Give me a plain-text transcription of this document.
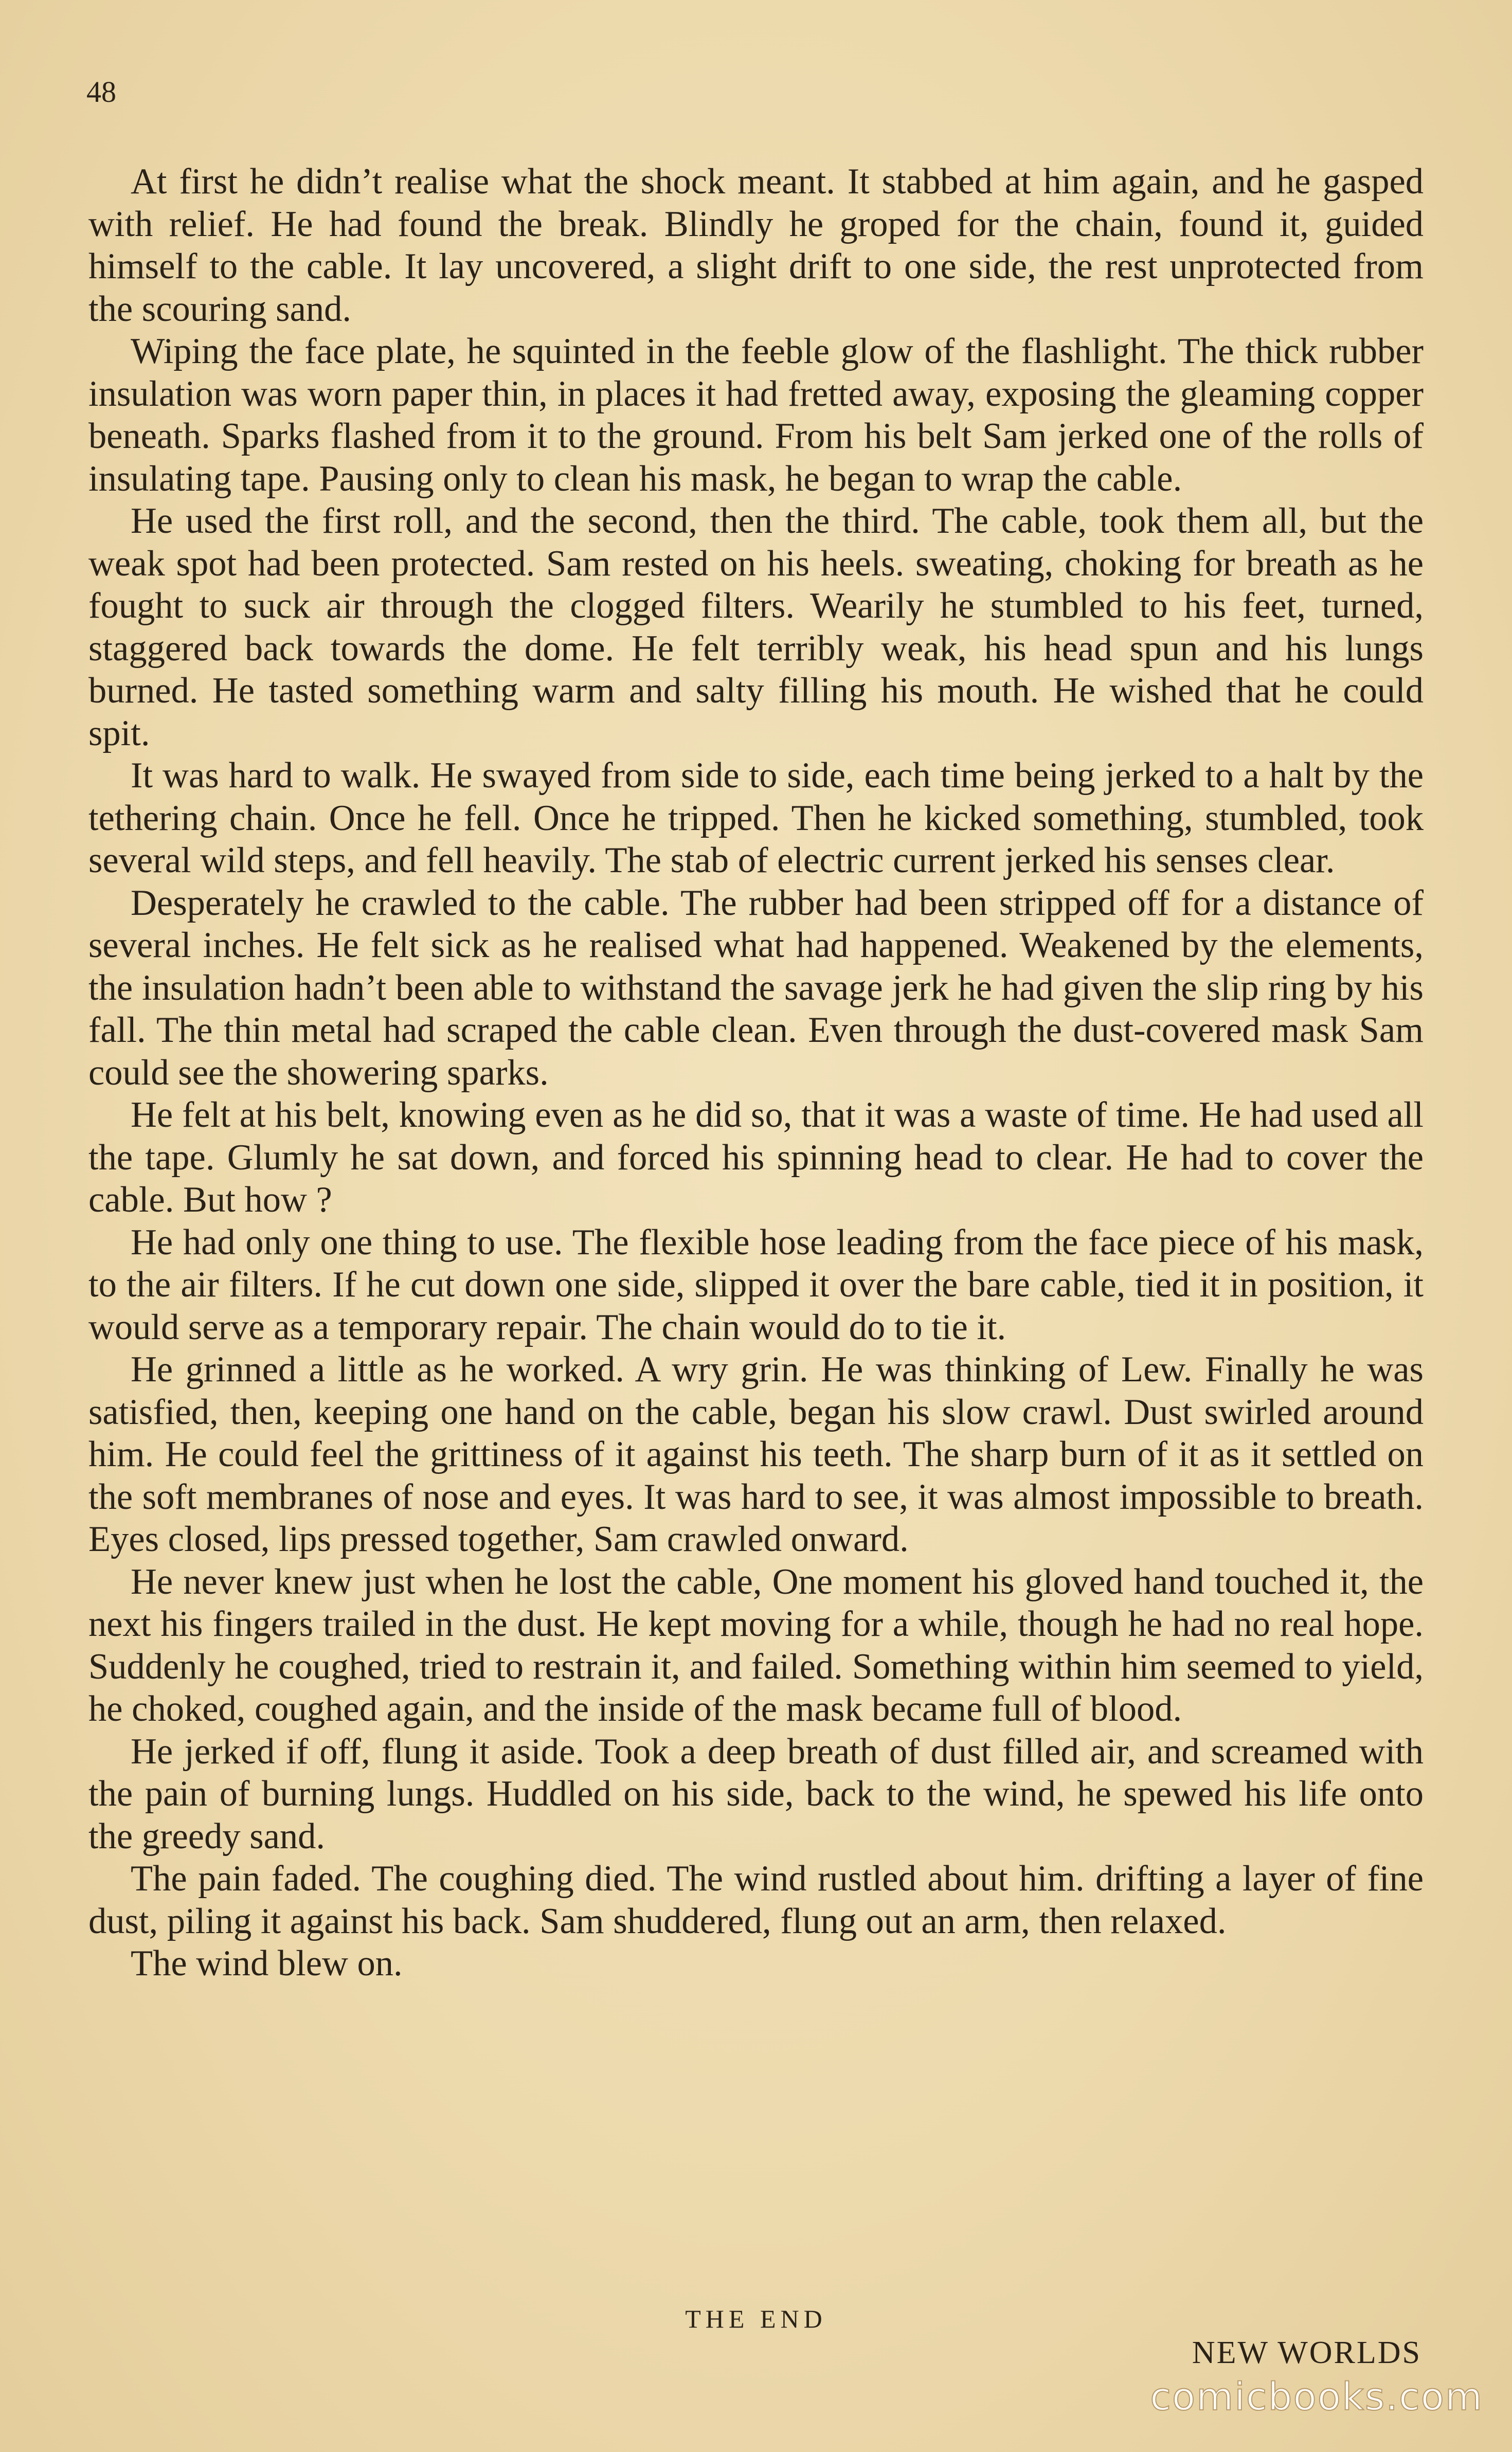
48

At first he didn’t realise what the shock meant. It stabbed at him again, and he gasped with relief. He had found the break. Blindly he groped for the chain, found it, guided himself to the cable. It lay uncovered, a slight drift to one side, the rest unprotected from the scouring sand.

Wiping the face plate, he squinted in the feeble glow of the flashlight. The thick rubber insulation was worn paper thin, in places it had fretted away, exposing the gleaming copper beneath. Sparks flashed from it to the ground. From his belt Sam jerked one of the rolls of insulating tape. Pausing only to clean his mask, he began to wrap the cable.

He used the first roll, and the second, then the third. The cable, took them all, but the weak spot had been protected. Sam rested on his heels. sweating, choking for breath as he fought to suck air through the clogged filters. Wearily he stumbled to his feet, turned, staggered back towards the dome. He felt terribly weak, his head spun and his lungs burned. He tasted something warm and salty filling his mouth. He wished that he could spit.

It was hard to walk. He swayed from side to side, each time being jerked to a halt by the tethering chain. Once he fell. Once he tripped. Then he kicked something, stumbled, took several wild steps, and fell heavily. The stab of electric current jerked his senses clear.

Desperately he crawled to the cable. The rubber had been stripped off for a distance of several inches. He felt sick as he realised what had happened. Weakened by the elements, the insulation hadn’t been able to withstand the savage jerk he had given the slip ring by his fall. The thin metal had scraped the cable clean. Even through the dust-covered mask Sam could see the showering sparks.

He felt at his belt, knowing even as he did so, that it was a waste of time. He had used all the tape. Glumly he sat down, and forced his spinning head to clear. He had to cover the cable. But how ?

He had only one thing to use. The flexible hose leading from the face piece of his mask, to the air filters. If he cut down one side, slipped it over the bare cable, tied it in position, it would serve as a temporary repair. The chain would do to tie it.

He grinned a little as he worked. A wry grin. He was thinking of Lew. Finally he was satisfied, then, keeping one hand on the cable, began his slow crawl. Dust swirled around him. He could feel the grittiness of it against his teeth. The sharp burn of it as it settled on the soft membranes of nose and eyes. It was hard to see, it was almost impossible to breath. Eyes closed, lips pressed together, Sam crawled onward.

He never knew just when he lost the cable, One moment his gloved hand touched it, the next his fingers trailed in the dust. He kept moving for a while, though he had no real hope. Suddenly he coughed, tried to restrain it, and failed. Something within him seemed to yield, he choked, coughed again, and the inside of the mask became full of blood.

He jerked if off, flung it aside. Took a deep breath of dust filled air, and screamed with the pain of burning lungs. Huddled on his side, back to the wind, he spewed his life onto the greedy sand.

The pain faded. The coughing died. The wind rustled about him. drifting a layer of fine dust, piling it against his back. Sam shuddered, flung out an arm, then relaxed.

The wind blew on.

THE END
NEW WORLDS
comicbooks.com
